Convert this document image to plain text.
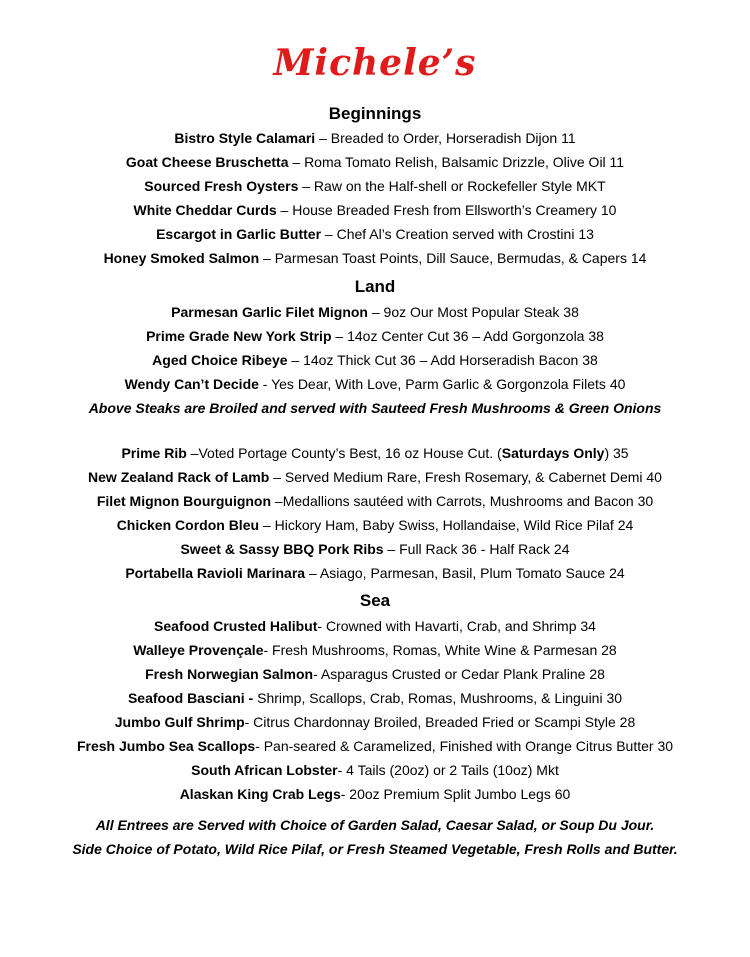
Michele’s
Beginnings
Bistro Style Calamari – Breaded to Order, Horseradish Dijon 11
Goat Cheese Bruschetta – Roma Tomato Relish, Balsamic Drizzle, Olive Oil 11
Sourced Fresh Oysters – Raw on the Half-shell or Rockefeller Style MKT
White Cheddar Curds – House Breaded Fresh from Ellsworth’s Creamery 10
Escargot in Garlic Butter – Chef Al’s Creation served with Crostini 13
Honey Smoked Salmon – Parmesan Toast Points, Dill Sauce, Bermudas, & Capers 14
Land
Parmesan Garlic Filet Mignon – 9oz Our Most Popular Steak 38
Prime Grade New York Strip – 14oz Center Cut 36 – Add Gorgonzola 38
Aged Choice Ribeye – 14oz Thick Cut 36 – Add Horseradish Bacon 38
Wendy Can’t Decide - Yes Dear, With Love, Parm Garlic & Gorgonzola Filets 40
Above Steaks are Broiled and served with Sauteed Fresh Mushrooms & Green Onions
Prime Rib –Voted Portage County’s Best, 16 oz House Cut. (Saturdays Only) 35
New Zealand Rack of Lamb – Served Medium Rare, Fresh Rosemary, & Cabernet Demi 40
Filet Mignon Bourguignon –Medallions sautéed with Carrots, Mushrooms and Bacon 30
Chicken Cordon Bleu – Hickory Ham, Baby Swiss, Hollandaise, Wild Rice Pilaf 24
Sweet & Sassy BBQ Pork Ribs – Full Rack 36 - Half Rack 24
Portabella Ravioli Marinara – Asiago, Parmesan, Basil, Plum Tomato Sauce 24
Sea
Seafood Crusted Halibut- Crowned with Havarti, Crab, and Shrimp 34
Walleye Provençale- Fresh Mushrooms, Romas, White Wine & Parmesan 28
Fresh Norwegian Salmon- Asparagus Crusted or Cedar Plank Praline 28
Seafood Basciani - Shrimp, Scallops, Crab, Romas, Mushrooms, & Linguini 30
Jumbo Gulf Shrimp- Citrus Chardonnay Broiled, Breaded Fried or Scampi Style 28
Fresh Jumbo Sea Scallops- Pan-seared & Caramelized, Finished with Orange Citrus Butter 30
South African Lobster- 4 Tails (20oz) or 2 Tails (10oz) Mkt
Alaskan King Crab Legs- 20oz Premium Split Jumbo Legs 60
All Entrees are Served with Choice of Garden Salad, Caesar Salad, or Soup Du Jour.
Side Choice of Potato, Wild Rice Pilaf, or Fresh Steamed Vegetable, Fresh Rolls and Butter.
